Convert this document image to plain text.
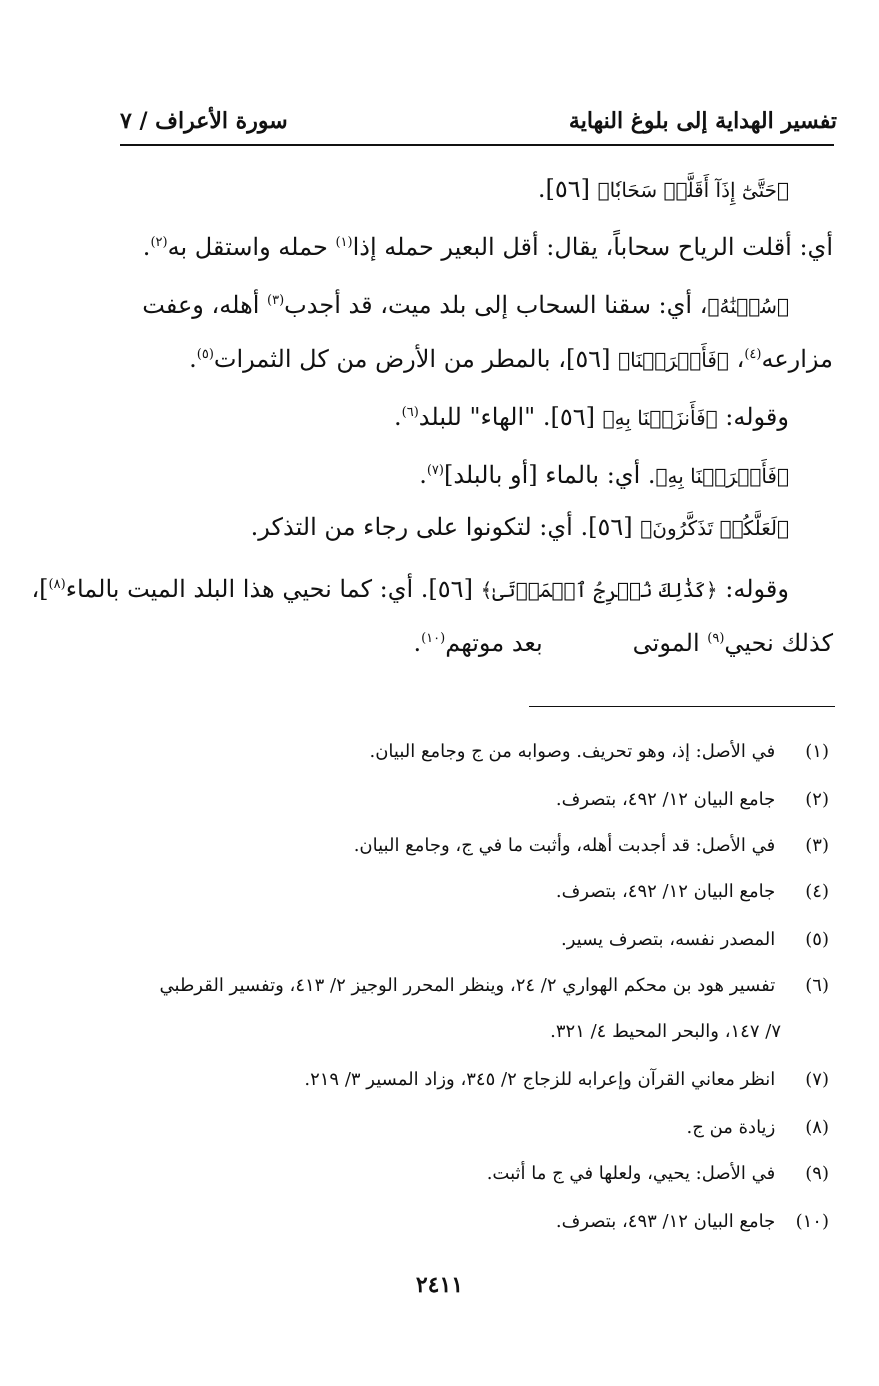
تفسير الهداية إلى بلوغ النهاية
سورة الأعراف / ٧
﴿حَتَّىٰٓ إِذَآ أَقَلَّتۡ سَحَابٗا﴾ [٥٦].
أي: أقلت الرياح سحاباً، يقال: أقل البعير حمله إذا$^{(١)}$ حمله واستقل به$^{(٢)}$.
﴿سُقۡنَٰهُ﴾، أي: سقنا السحاب إلى بلد ميت، قد أجدب$^{(٣)}$ أهله، وعفت
مزارعه$^{(٤)}$، ﴿فَأَخۡرَجۡنَا﴾ [٥٦]، بالمطر من الأرض من كل الثمرات$^{(٥)}$.
وقوله: ﴿فَأَنزَلۡنَا بِهِ﴾ [٥٦]. "الهاء" للبلد$^{(٦)}$.
﴿فَأَخۡرَجۡنَا بِهِ﴾. أي: بالماء [أو بالبلد]$^{(٧)}$.
﴿لَعَلَّكُمۡ تَذَكَّرُونَ﴾ [٥٦]. أي: لتكونوا على رجاء من التذكر.
وقوله: ﴿كَذَٰلِكَ نُخۡرِجُ ٱلۡمَوۡتَىٰ﴾ [٥٦]. أي: كما نحيي هذا البلد الميت بالماء$^{(٨)}$]،
كذلك نحيي$^{(٩)}$ الموتىبعد موتهم$^{(١٠)}$.
(١) في الأصل: إذ، وهو تحريف. وصوابه من ج وجامع البيان.
(٢) جامع البيان ١٢/ ٤٩٢، بتصرف.
(٣) في الأصل: قد أجدبت أهله، وأثبت ما في ج، وجامع البيان.
(٤) جامع البيان ١٢/ ٤٩٢، بتصرف.
(٥) المصدر نفسه، بتصرف يسير.
(٦) تفسير هود بن محكم الهواري ٢/ ٢٤، وينظر المحرر الوجيز ٢/ ٤١٣، وتفسير القرطبي
٧/ ١٤٧، والبحر المحيط ٤/ ٣٢١.
(٧) انظر معاني القرآن وإعرابه للزجاج ٢/ ٣٤٥، وزاد المسير ٣/ ٢١٩.
(٨) زيادة من ج.
(٩) في الأصل: يحيي، ولعلها في ج ما أثبت.
(١٠) جامع البيان ١٢/ ٤٩٣، بتصرف.
٢٤١١
